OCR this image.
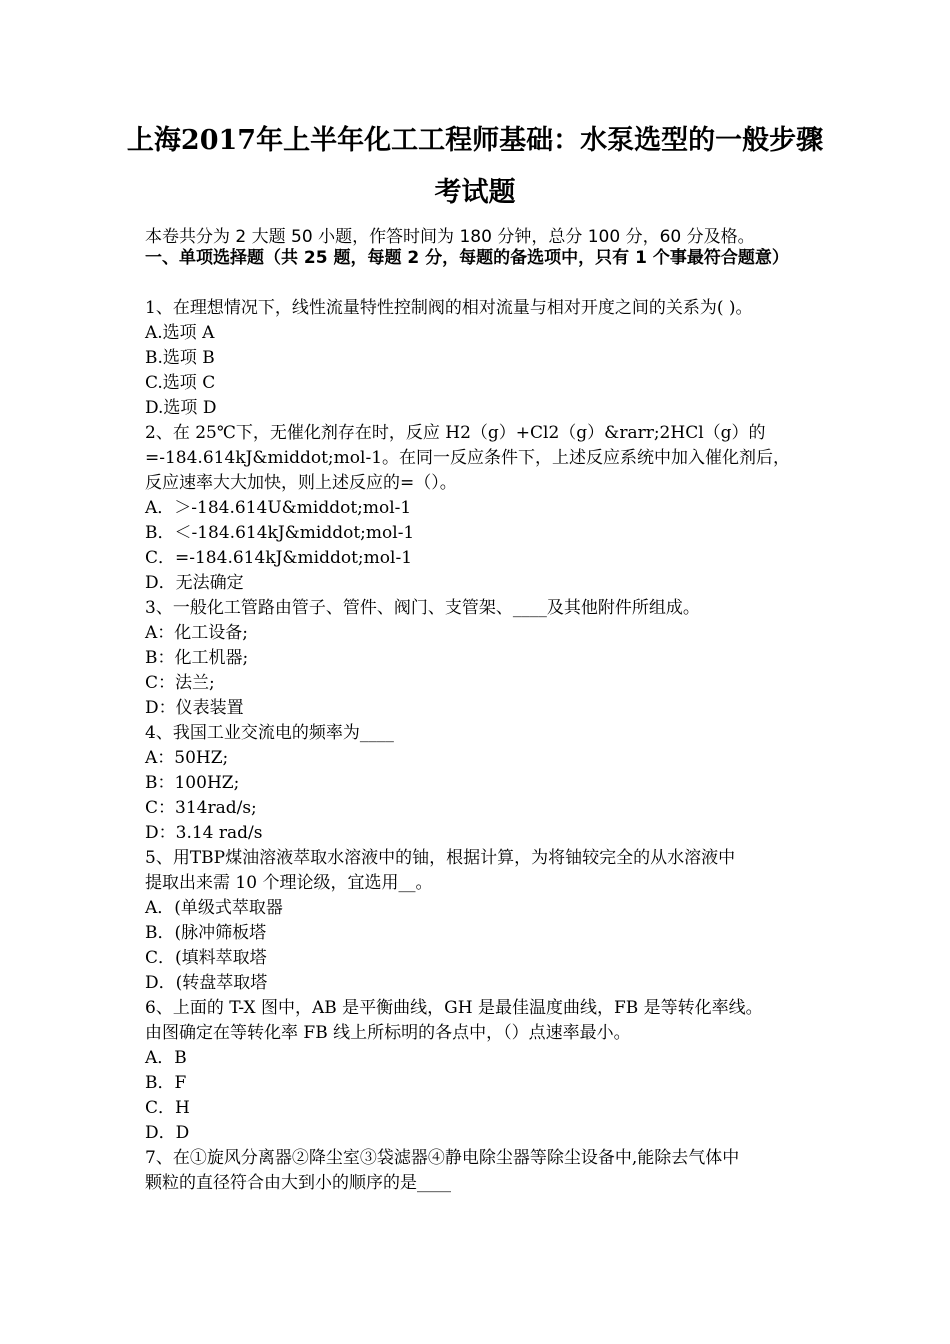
上海2017年上半年化工工程师基础：水泵选型的一般步骤
考试题
本卷共分为 2 大题 50 小题，作答时间为 180 分钟，总分 100 分，60 分及格。
一、单项选择题（共 25 题，每题 2 分，每题的备选项中，只有 1 个事最符合题意）
1、在理想情况下，线性流量特性控制阀的相对流量与相对开度之间的关系为( )。
A.选项 A
B.选项 B
C.选项 C
D.选项 D
2、在 25℃下，无催化剂存在时，反应 H2（g）+Cl2（g）&rarr;2HCl（g）的
=-184.614kJ&middot;mol-1。在同一反应条件下，上述反应系统中加入催化剂后，
反应速率大大加快，则上述反应的=（）。
A．＞-184.614U&middot;mol-1
B．＜-184.614kJ&middot;mol-1
C．=-184.614kJ&middot;mol-1
D．无法确定
3、一般化工管路由管子、管件、阀门、支管架、____及其他附件所组成。
A：化工设备;
B：化工机器;
C：法兰;
D：仪表装置
4、我国工业交流电的频率为____
A：50HZ;
B：100HZ;
C：314rad/s;
D：3.14 rad/s
5、用TBP煤油溶液萃取水溶液中的铀，根据计算，为将铀较完全的从水溶液中
提取出来需 10 个理论级，宜选用__。
A．(单级式萃取器
B．(脉冲筛板塔
C．(填料萃取塔
D．(转盘萃取塔
6、上面的 T-X 图中，AB 是平衡曲线，GH 是最佳温度曲线，FB 是等转化率线。
由图确定在等转化率 FB 线上所标明的各点中，（）点速率最小。
A．B
B．F
C．H
D．D
7、在①旋风分离器②降尘室③袋滤器④静电除尘器等除尘设备中,能除去气体中
颗粒的直径符合由大到小的顺序的是____
